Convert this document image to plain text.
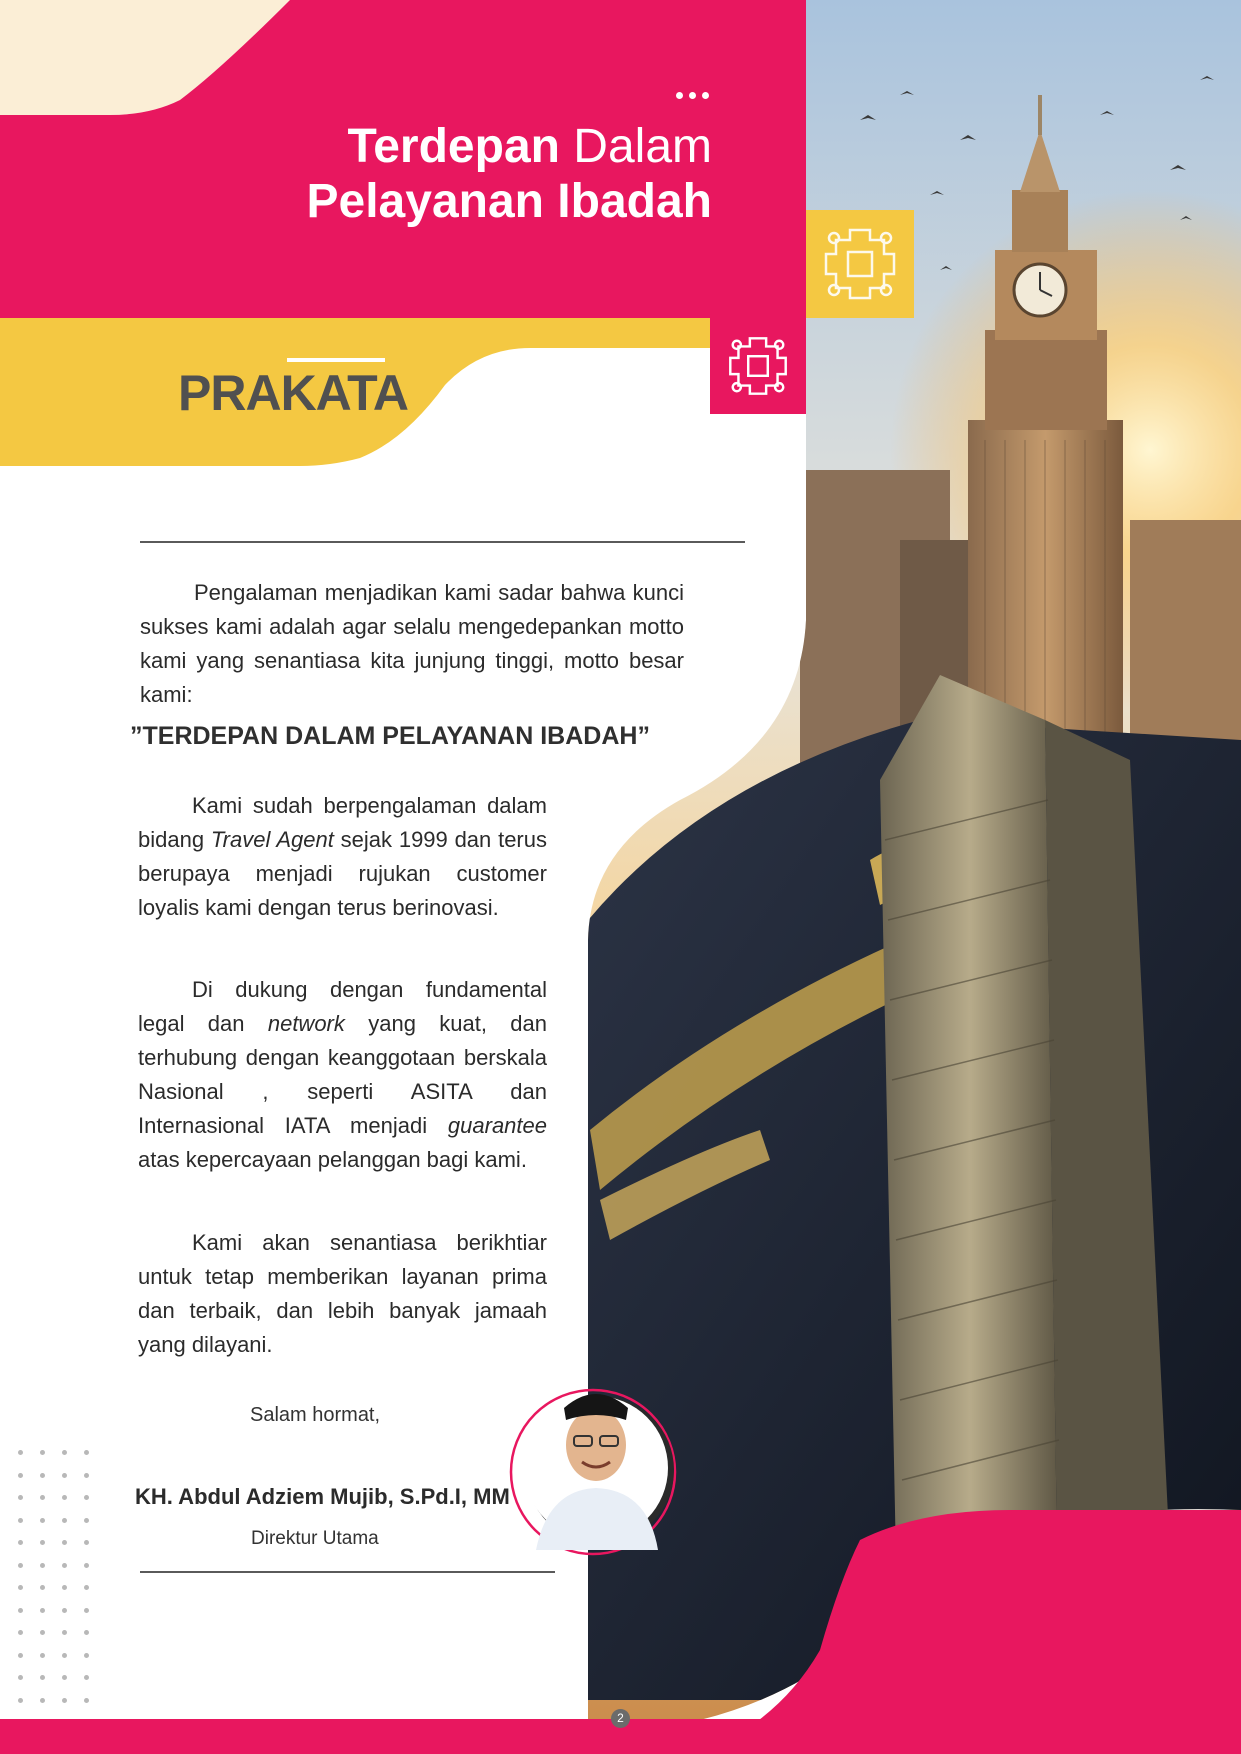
Terdepan Dalam
Pelayanan Ibadah
PRAKATA
Pengalaman menjadikan kami sadar bahwa kunci sukses kami adalah agar selalu mengedepankan motto kami yang senantiasa kita junjung tinggi, motto besar kami:
”TERDEPAN DALAM PELAYANAN IBADAH”
Kami sudah berpengalaman dalam bidang Travel Agent sejak 1999 dan terus berupaya menjadi rujukan customer loyalis kami dengan terus berinovasi.
Di dukung dengan fundamental legal dan network yang kuat, dan terhubung dengan keanggotaan berskala Nasional , seperti ASITA dan Internasional IATA menjadi guarantee atas kepercayaan pelanggan bagi kami.
Kami akan senantiasa berikhtiar untuk tetap memberikan layanan prima dan terbaik, dan lebih banyak jamaah yang dilayani.
Salam hormat,
KH. Abdul Adziem Mujib, S.Pd.I, MM
Direktur Utama
2
